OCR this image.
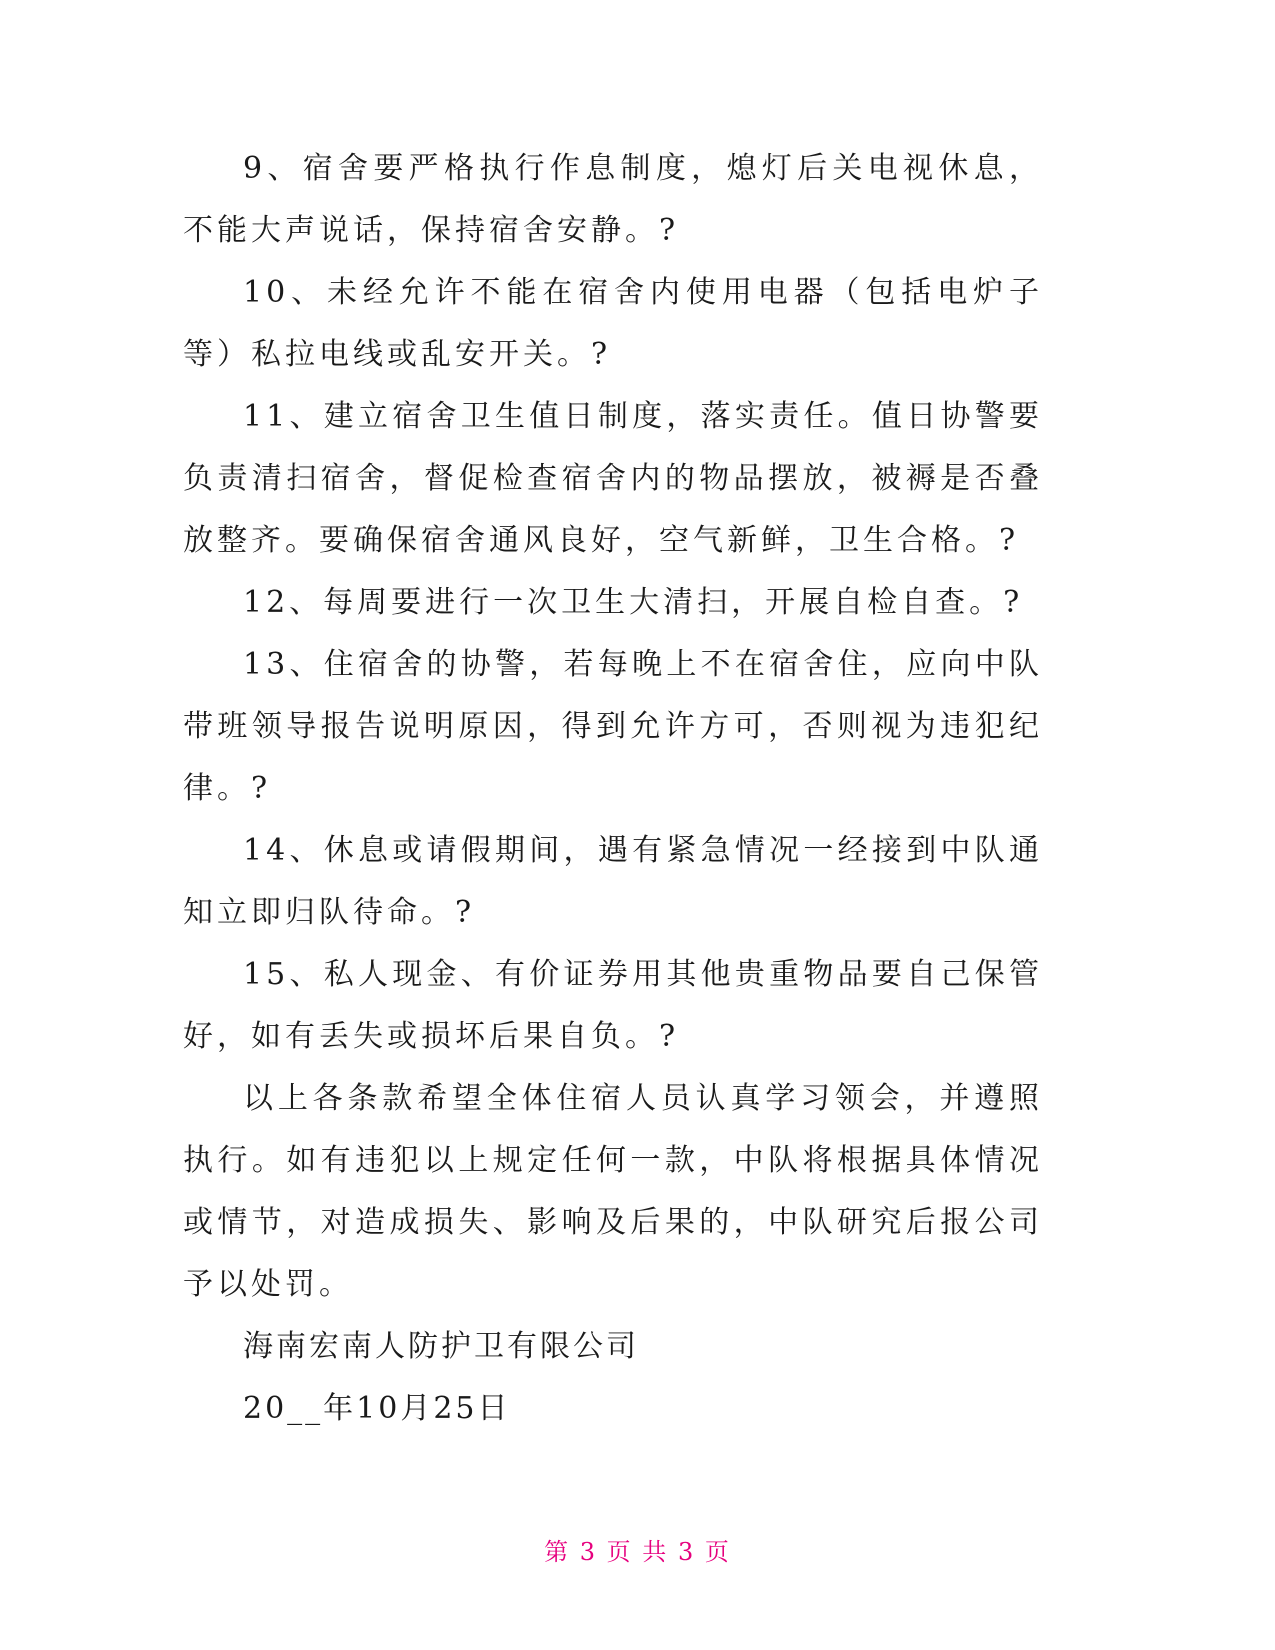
9、宿舍要严格执行作息制度，熄灯后关电视休息，不能大声说话，保持宿舍安静。?

10、未经允许不能在宿舍内使用电器（包括电炉子等）私拉电线或乱安开关。?

11、建立宿舍卫生值日制度，落实责任。值日协警要负责清扫宿舍，督促检查宿舍内的物品摆放，被褥是否叠放整齐。要确保宿舍通风良好，空气新鲜，卫生合格。?

12、每周要进行一次卫生大清扫，开展自检自查。?

13、住宿舍的协警，若每晚上不在宿舍住，应向中队带班领导报告说明原因，得到允许方可，否则视为违犯纪律。?

14、休息或请假期间，遇有紧急情况一经接到中队通知立即归队待命。?

15、私人现金、有价证券用其他贵重物品要自己保管好，如有丢失或损坏后果自负。?

以上各条款希望全体住宿人员认真学习领会，并遵照执行。如有违犯以上规定任何一款，中队将根据具体情况或情节，对造成损失、影响及后果的，中队研究后报公司予以处罚。

海南宏南人防护卫有限公司

20__年10月25日

第 3 页 共 3 页
